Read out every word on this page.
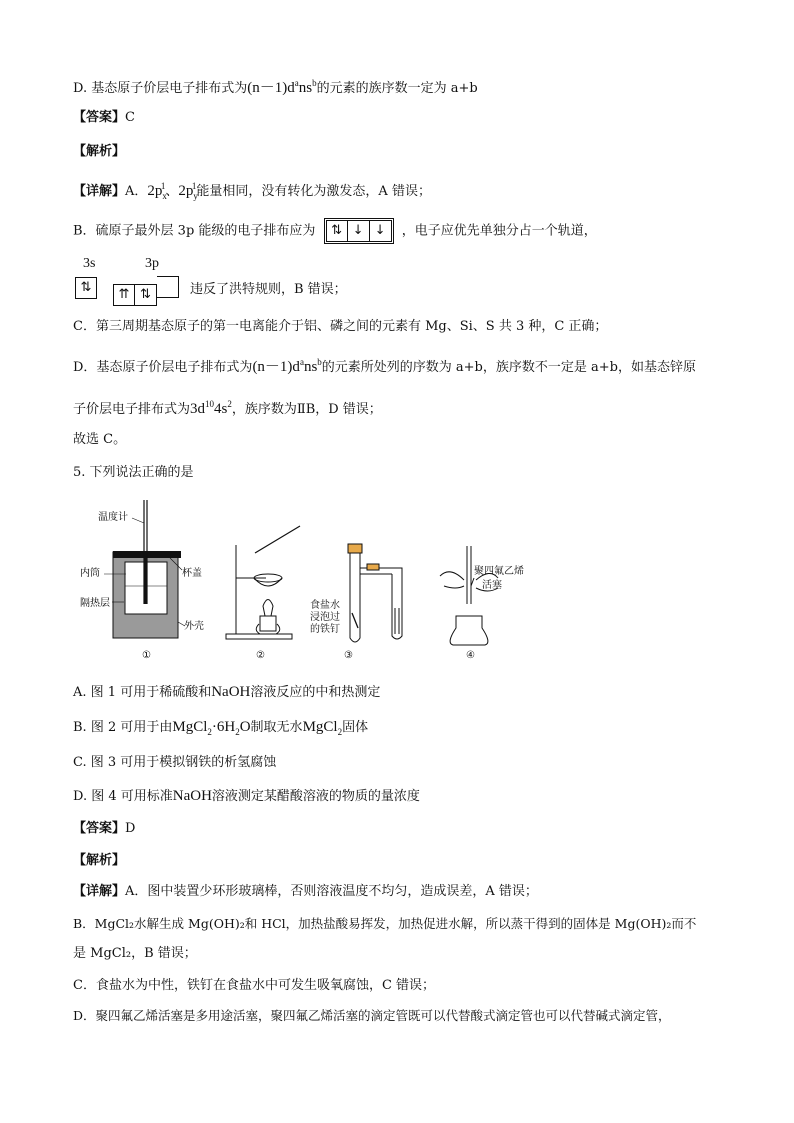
D. 基态原子价层电子排布式为$(n-1)d^ans^b$的元素的族序数一定为 a+b
【答案】C
【解析】
【详解】A．$2p_x^1$、$2p_y^1$能量相同，没有转化为激发态，A 错误；
B．硫原子最外层 3p 能级的电子排布应为 ⇅ ↓ ↓ ，电子应优先单独分占一个轨道，
3s	3p
⇅	⇈ ⇅	违反了洪特规则，B 错误；
C．第三周期基态原子的第一电离能介于铝、磷之间的元素有 Mg、Si、S 共 3 种，C 正确；
D．基态原子价层电子排布式为$(n-1)d^ans^b$的元素所处列的序数为 a+b，族序数不一定是 a+b，如基态锌原
子价层电子排布式为$3d^{10}4s^2$，族序数为ⅡB，D 错误；
故选 C。
5. 下列说法正确的是
温度计
内筒	杯盖
隔热层
外壳
①	②
食盐水
浸泡过
的铁钉
③
聚四氟乙烯
活塞
④
A. 图 1 可用于稀硫酸和NaOH溶液反应的中和热测定
B. 图 2 可用于由$MgCl_2\cdot 6H_2O$制取无水MgCl$_2$固体
C. 图 3 可用于模拟钢铁的析氢腐蚀
D. 图 4 可用标准NaOH溶液测定某醋酸溶液的物质的量浓度
【答案】D
【解析】
【详解】A．图中装置少环形玻璃棒，否则溶液温度不均匀，造成误差，A 错误；
B．MgCl₂水解生成 Mg(OH)₂和 HCl，加热盐酸易挥发，加热促进水解，所以蒸干得到的固体是 Mg(OH)₂而不
是 MgCl₂，B 错误；
C．食盐水为中性，铁钉在食盐水中可发生吸氧腐蚀，C 错误；
D．聚四氟乙烯活塞是多用途活塞，聚四氟乙烯活塞的滴定管既可以代替酸式滴定管也可以代替碱式滴定管，
